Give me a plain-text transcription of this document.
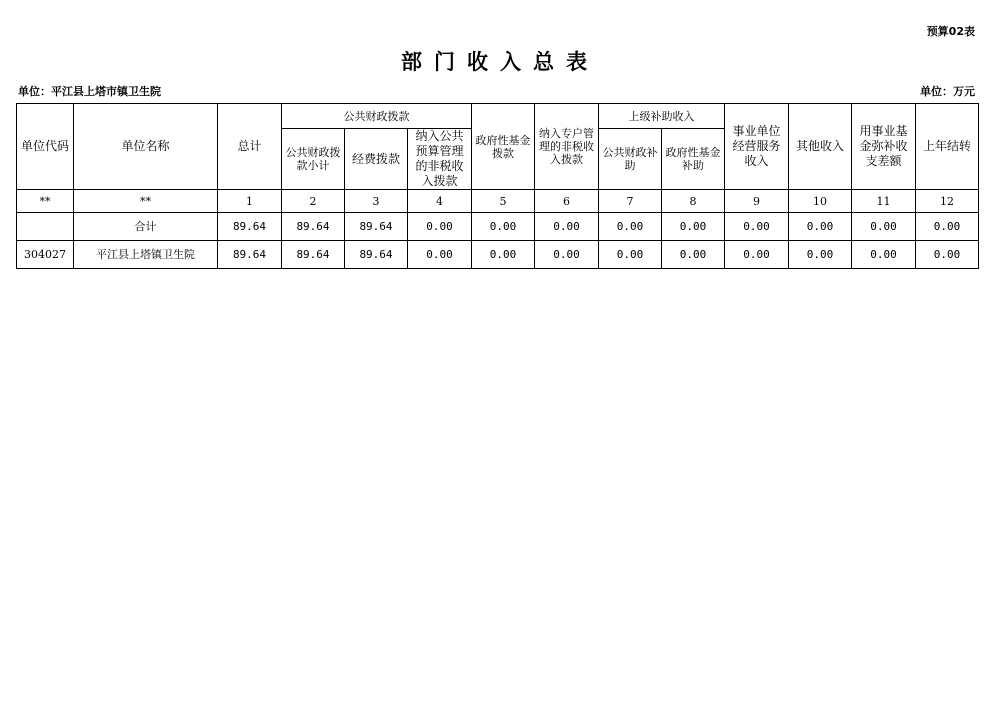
预算02表
部门收入总表
单位：平江县上塔市镇卫生院	单位：万元
单位代码	单位名称	总计	公共财政拨款			政府性基金拨款	纳入专户管理的非税收入拨款	上级补助收入		事业单位经营服务收入	其他收入	用事业基金弥补收支差额	上年结转
			公共财政拨款小计	经费拨款	纳入公共预算管理的非税收入拨款			公共财政补助	政府性基金补助				
**	**	1	2	3	4	5	6	7	8	9	10	11	12
	合计	89.64	89.64	89.64	0.00	0.00	0.00	0.00	0.00	0.00	0.00	0.00	0.00
304027	平江县上塔镇卫生院	89.64	89.64	89.64	0.00	0.00	0.00	0.00	0.00	0.00	0.00	0.00	0.00
